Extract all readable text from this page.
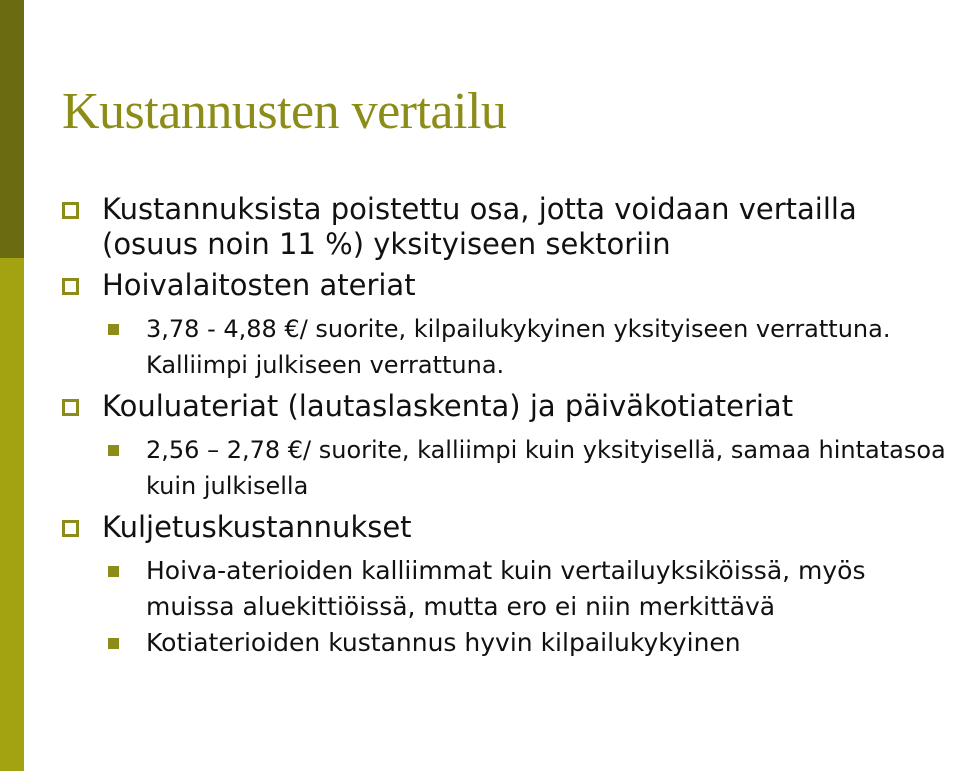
Kustannusten vertailu
Kustannuksista poistettu osa, jotta voidaan vertailla (osuus noin 11 %) yksityiseen sektoriin
Hoivalaitosten ateriat
3,78 - 4,88 €/ suorite, kilpailukykyinen yksityiseen verrattuna. Kalliimpi julkiseen verrattuna.
Kouluateriat (lautaslaskenta) ja päiväkotiateriat
2,56 – 2,78 €/ suorite, kalliimpi kuin yksityisellä, samaa hintatasoa kuin julkisella
Kuljetuskustannukset
Hoiva-aterioiden kalliimmat kuin vertailuyksiköissä, myös muissa aluekittiöissä, mutta ero ei niin merkittävä
Kotiaterioiden kustannus hyvin kilpailukykyinen
